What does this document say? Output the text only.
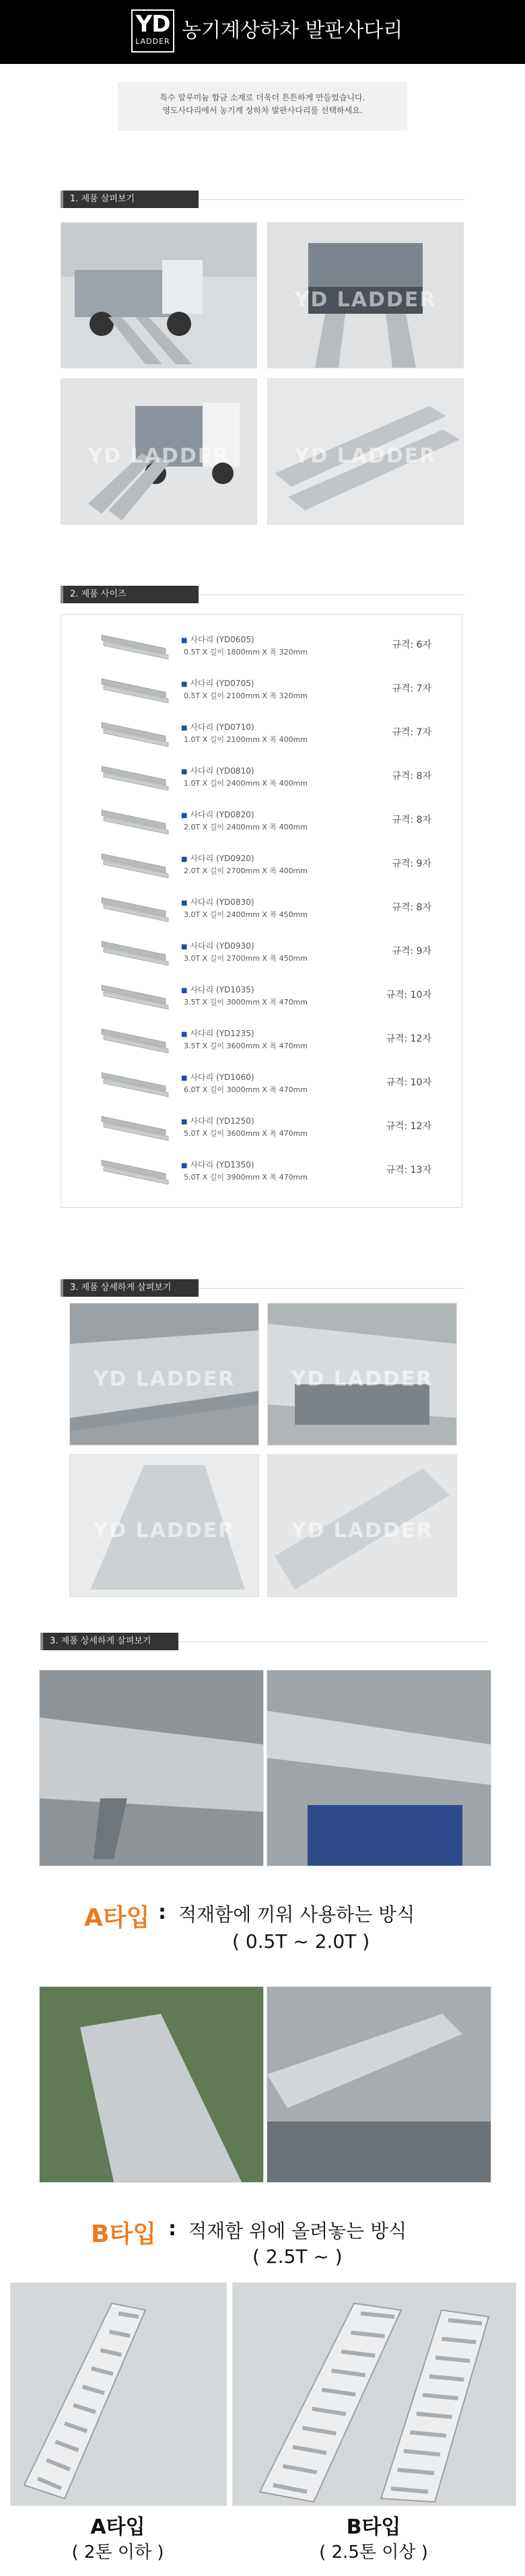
YD
LADDER 농기계상하차 발판사다리
특수 알루미늄 합금 소재로 더욱더 튼튼하게 만들었습니다.
영도사다리에서 농기계 상하차 발판사다리를 선택하세요.
1. 제품 살펴보기
YD LADDER
YD LADDER	YD LADDER
2. 제품 사이즈
■ 사다리 (YD0605)
0.5T X 길이 1800mm X 폭 320mm
규격: 6자
■ 사다리 (YD0705)
0.5T X 길이 2100mm X 폭 320mm
규격: 7자
■ 사다리 (YD0710)
1.0T X 길이 2100mm X 폭 400mm
규격: 7자
■ 사다리 (YD0810)
1.0T X 길이 2400mm X 폭 400mm
규격: 8자
■ 사다리 (YD0820)
2.0T X 길이 2400mm X 폭 400mm
규격: 8자
■ 사다리 (YD0920)
2.0T X 길이 2700mm X 폭 400mm
규격: 9자
■ 사다리 (YD0830)
3.0T X 길이 2400mm X 폭 450mm
규격: 8자
■ 사다리 (YD0930)
3.0T X 길이 2700mm X 폭 450mm
규격: 9자
■ 사다리 (YD1035)
3.5T X 길이 3000mm X 폭 470mm
규격: 10자
■ 사다리 (YD1235)
3.5T X 길이 3600mm X 폭 470mm
규격: 12자
■ 사다리 (YD1060)
6.0T X 길이 3000mm X 폭 470mm
규격: 10자
■ 사다리 (YD1250)
5.0T X 길이 3600mm X 폭 470mm
규격: 12자
■ 사다리 (YD1350)
5.0T X 길이 3900mm X 폭 470mm
규격: 13자
3. 제품 상세하게 살펴보기
YD LADDER	YD LADDER
YD LADDER	YD LADDER
3. 제품 상세하게 살펴보기
A타입 : 적재함에 끼워 사용하는 방식
( 0.5T ~ 2.0T )
B타입 : 적재함 위에 올려놓는 방식
( 2.5T ~ )
A타입
( 2톤 이하 )
B타입
( 2.5톤 이상 )
